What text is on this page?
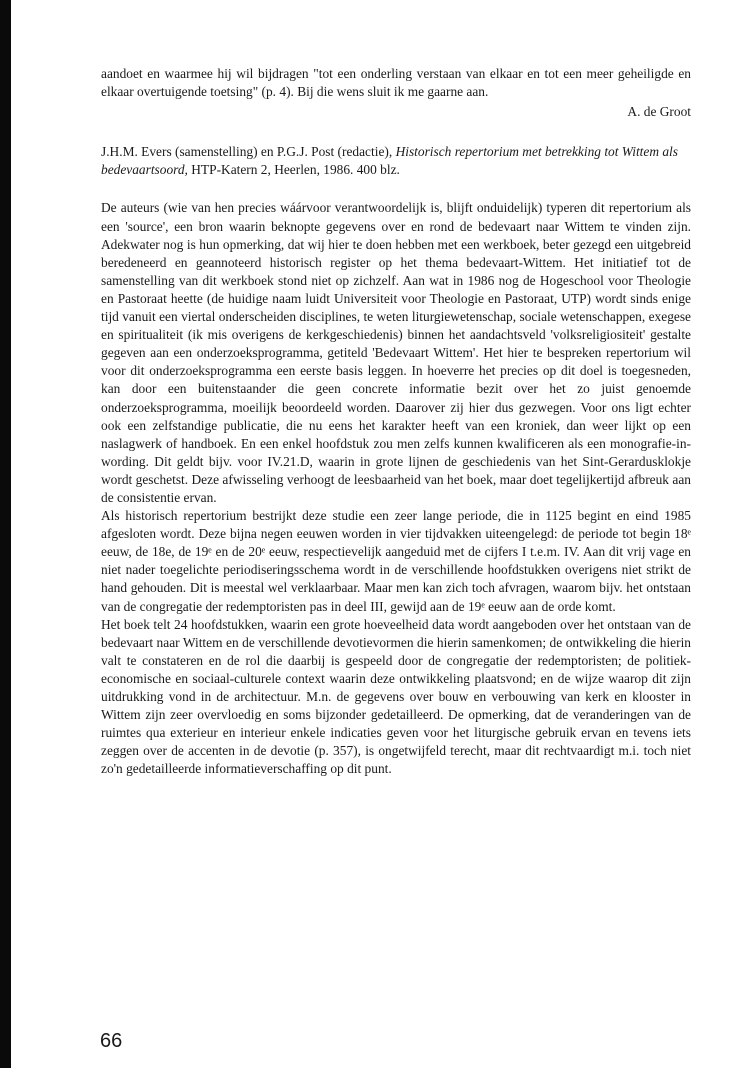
aandoet en waarmee hij wil bijdragen "tot een onderling verstaan van elkaar en tot een meer geheiligde en elkaar overtuigende toetsing" (p. 4). Bij die wens sluit ik me gaarne aan.

A. de Groot

J.H.M. Evers (samenstelling) en P.G.J. Post (redactie), Historisch repertorium met betrekking tot Wittem als bedevaartsoord, HTP-Katern 2, Heerlen, 1986. 400 blz.

De auteurs (wie van hen precies wáárvoor verantwoordelijk is, blijft onduidelijk) typeren dit repertorium als een 'source', een bron waarin beknopte gegevens over en rond de bedevaart naar Wittem te vinden zijn. Adekwater nog is hun opmerking, dat wij hier te doen hebben met een werkboek, beter gezegd een uitgebreid beredeneerd en geannoteerd historisch register op het thema bedevaart-Wittem. Het initiatief tot de samenstelling van dit werkboek stond niet op zichzelf. Aan wat in 1986 nog de Hogeschool voor Theologie en Pastoraat heette (de huidige naam luidt Universiteit voor Theologie en Pastoraat, UTP) wordt sinds enige tijd vanuit een viertal onderscheiden disciplines, te weten liturgiewetenschap, sociale wetenschappen, exegese en spiritualiteit (ik mis overigens de kerkgeschiedenis) binnen het aandachtsveld 'volksreligiositeit' gestalte gegeven aan een onderzoeksprogramma, getiteld 'Bedevaart Wittem'. Het hier te bespreken repertorium wil voor dit onderzoeksprogramma een eerste basis leggen. In hoeverre het precies op dit doel is toegesneden, kan door een buitenstaander die geen concrete informatie bezit over het zo juist genoemde onderzoeksprogramma, moeilijk beoordeeld worden. Daarover zij hier dus gezwegen. Voor ons ligt echter ook een zelfstandige publicatie, die nu eens het karakter heeft van een kroniek, dan weer lijkt op een naslagwerk of handboek. En een enkel hoofdstuk zou men zelfs kunnen kwalificeren als een monografie-in-wording. Dit geldt bijv. voor IV.21.D, waarin in grote lijnen de geschiedenis van het Sint-Gerardusklokje wordt geschetst. Deze afwisseling verhoogt de leesbaarheid van het boek, maar doet tegelijkertijd afbreuk aan de consistentie ervan.

Als historisch repertorium bestrijkt deze studie een zeer lange periode, die in 1125 begint en eind 1985 afgesloten wordt. Deze bijna negen eeuwen worden in vier tijdvakken uiteengelegd: de periode tot begin 18ᵉ eeuw, de 18e, de 19ᵉ en de 20ᵉ eeuw, respectievelijk aangeduid met de cijfers I t.e.m. IV. Aan dit vrij vage en niet nader toegelichte periodiseringsschema wordt in de verschillende hoofdstukken overigens niet strikt de hand gehouden. Dit is meestal wel verklaarbaar. Maar men kan zich toch afvragen, waarom bijv. het ontstaan van de congregatie der redemptoristen pas in deel III, gewijd aan de 19ᵉ eeuw aan de orde komt.

Het boek telt 24 hoofdstukken, waarin een grote hoeveelheid data wordt aangeboden over het ontstaan van de bedevaart naar Wittem en de verschillende devotievormen die hierin samenkomen; de ontwikkeling die hierin valt te constateren en de rol die daarbij is gespeeld door de congregatie der redemptoristen; de politiek-economische en sociaal-culturele context waarin deze ontwikkeling plaatsvond; en de wijze waarop dit zijn uitdrukking vond in de architectuur. M.n. de gegevens over bouw en verbouwing van kerk en klooster in Wittem zijn zeer overvloedig en soms bijzonder gedetailleerd. De opmerking, dat de veranderingen van de ruimtes qua exterieur en interieur enkele indicaties geven voor het liturgische gebruik ervan en tevens iets zeggen over de accenten in de devotie (p. 357), is ongetwijfeld terecht, maar dit rechtvaardigt m.i. toch niet zo'n gedetailleerde informatieverschaffing op dit punt.

66
